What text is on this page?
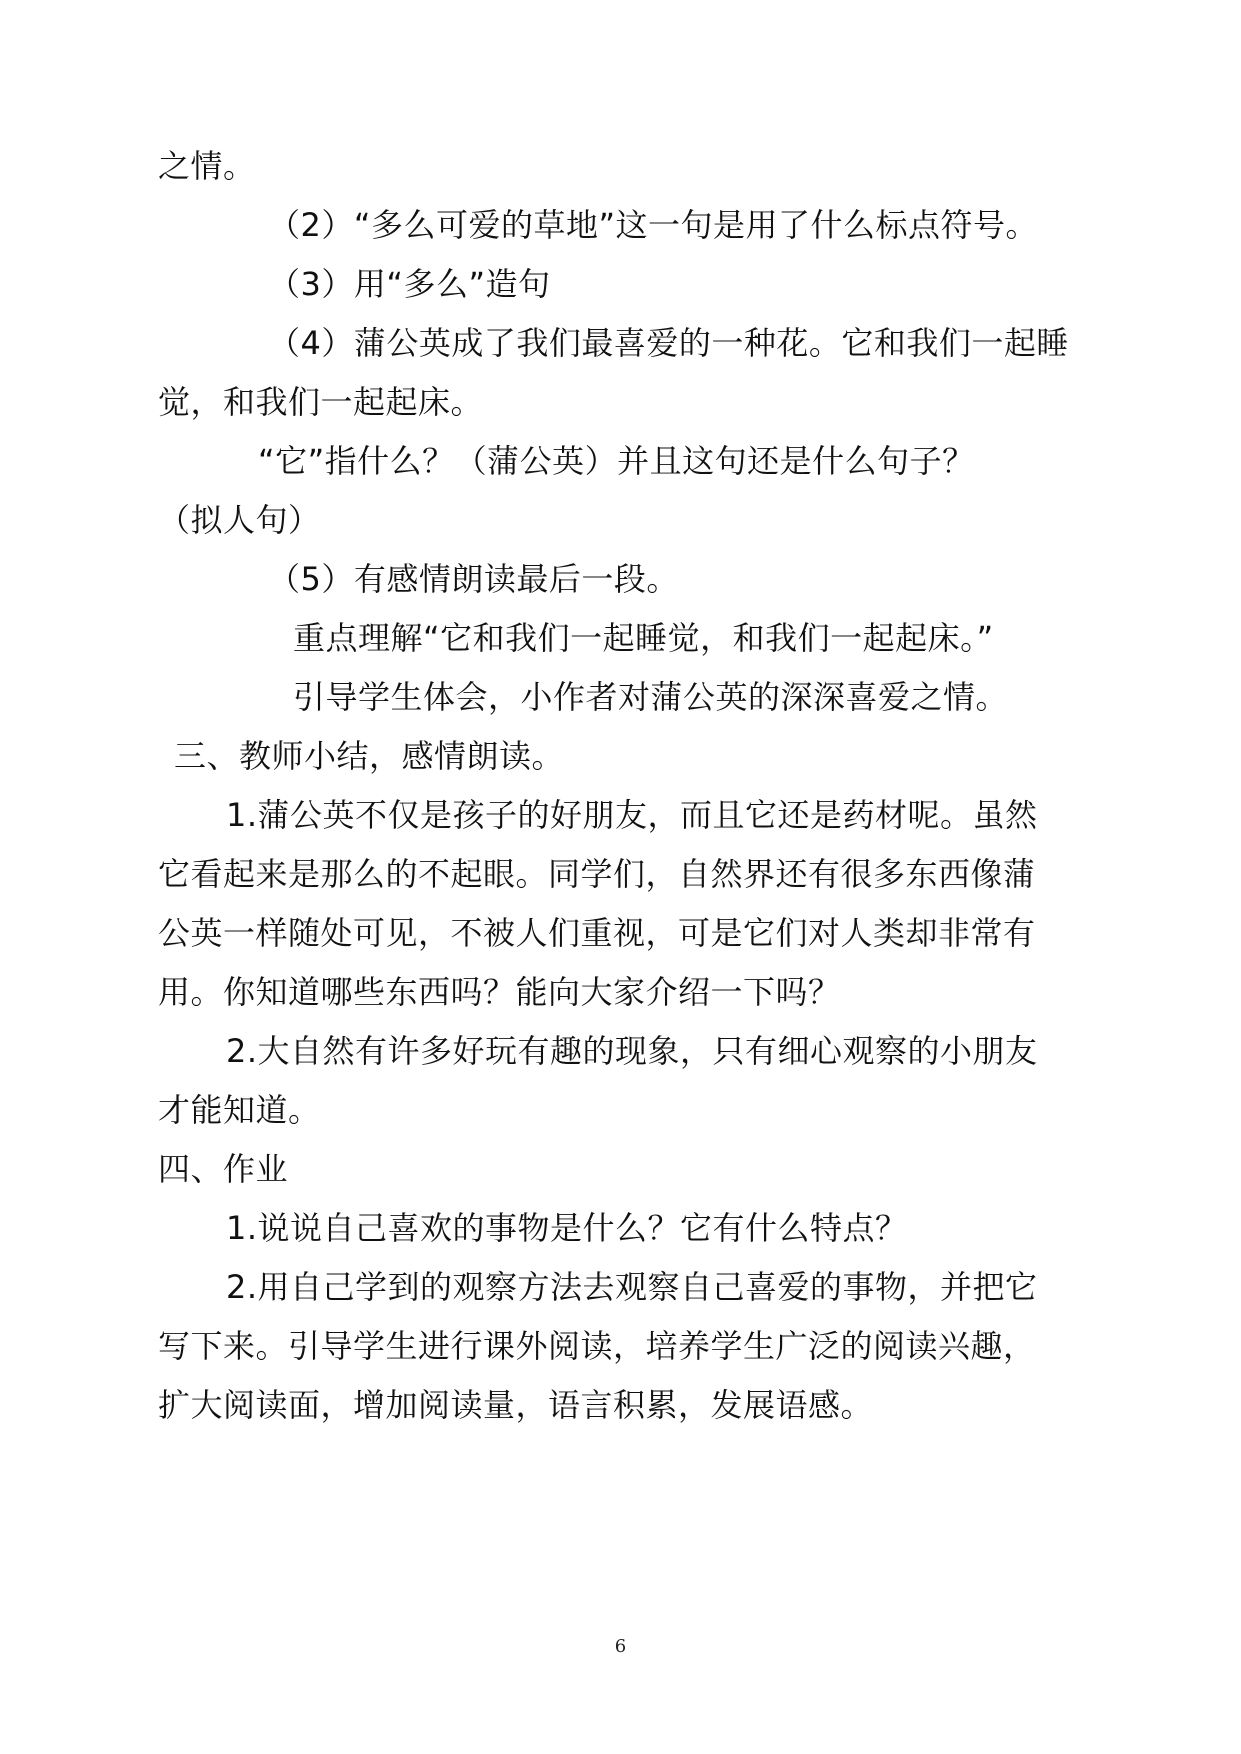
之情。
（2）“多么可爱的草地”这一句是用了什么标点符号。
（3）用“多么”造句
（4）蒲公英成了我们最喜爱的一种花。它和我们一起睡
觉，和我们一起起床。
“它”指什么？（蒲公英）并且这句还是什么句子？
（拟人句）
（5）有感情朗读最后一段。
重点理解“它和我们一起睡觉，和我们一起起床。”
引导学生体会，小作者对蒲公英的深深喜爱之情。
三、教师小结，感情朗读。
1.蒲公英不仅是孩子的好朋友，而且它还是药材呢。虽然
它看起来是那么的不起眼。同学们，自然界还有很多东西像蒲
公英一样随处可见，不被人们重视，可是它们对人类却非常有
用。你知道哪些东西吗？能向大家介绍一下吗？
2.大自然有许多好玩有趣的现象，只有细心观察的小朋友
才能知道。
四、作业
1.说说自己喜欢的事物是什么？它有什么特点？
2.用自己学到的观察方法去观察自己喜爱的事物，并把它
写下来。引导学生进行课外阅读，培养学生广泛的阅读兴趣，
扩大阅读面，增加阅读量，语言积累，发展语感。
6
